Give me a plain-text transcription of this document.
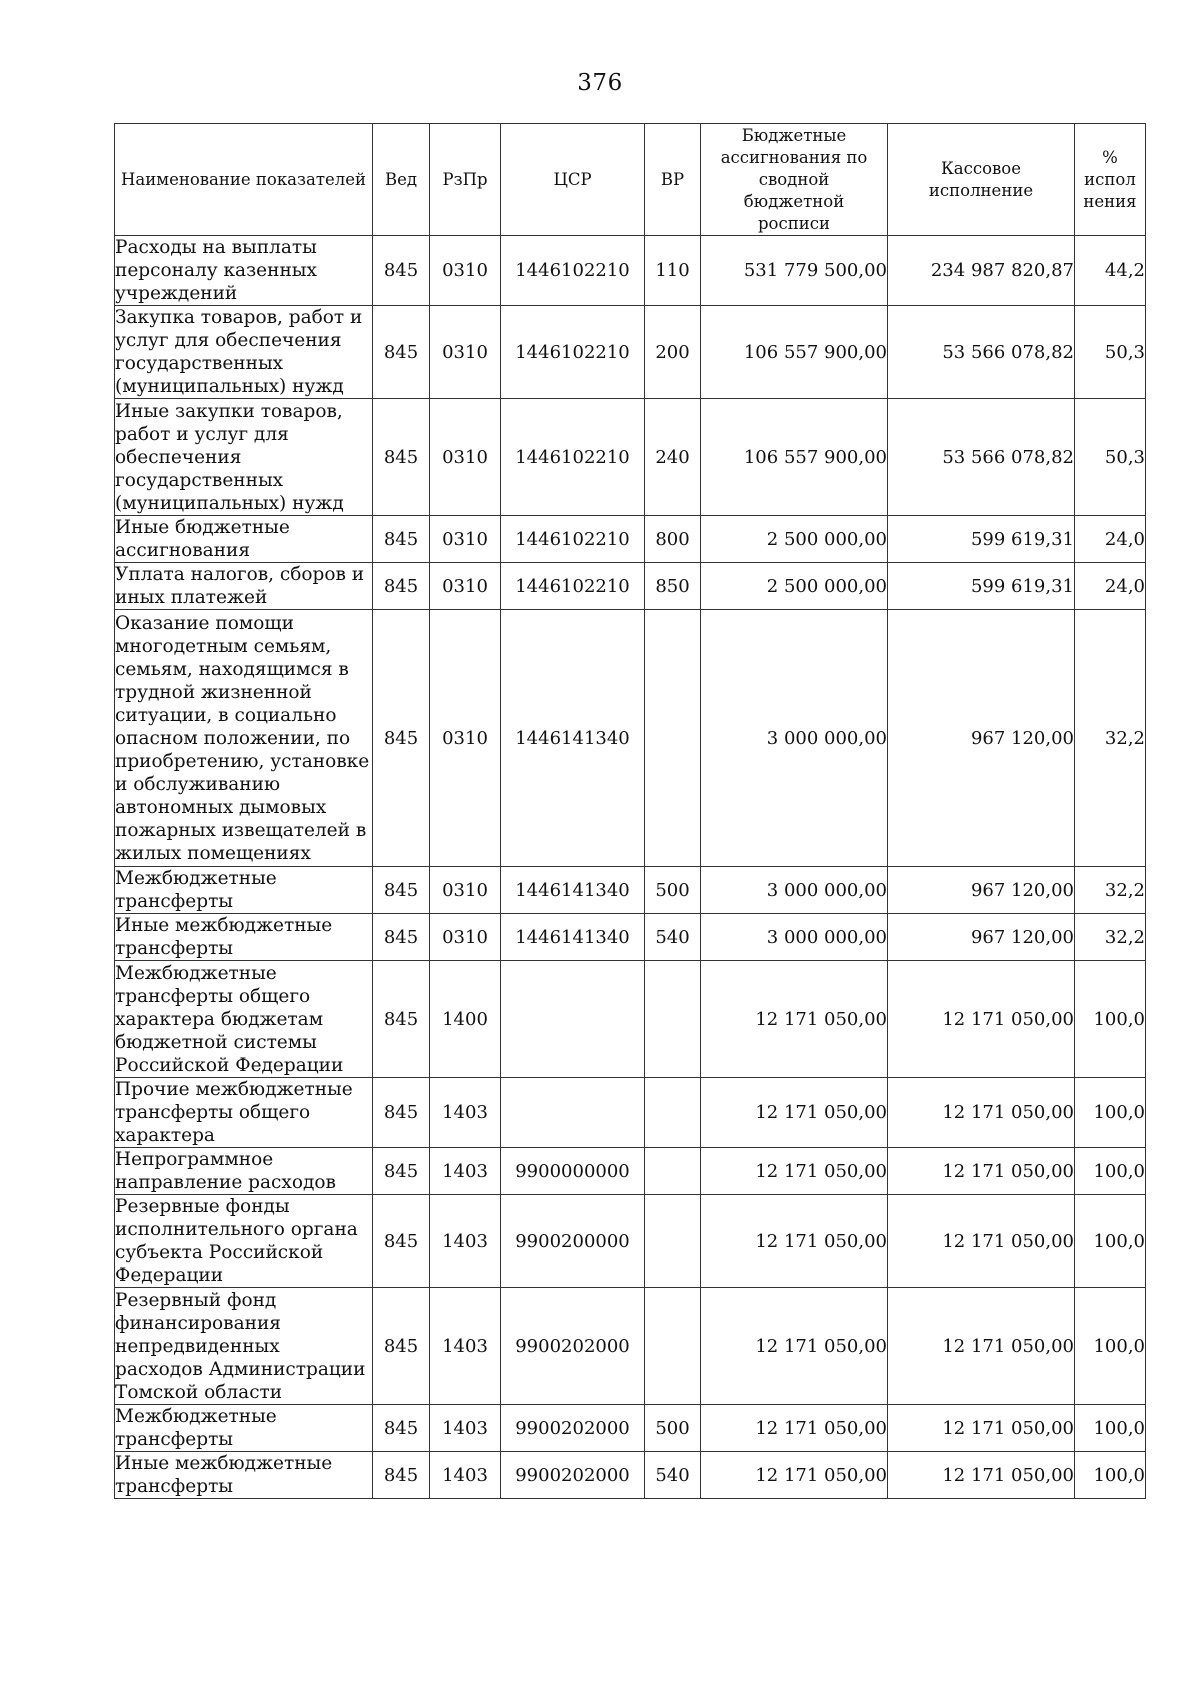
376
Наименование показателей	Вед	РзПр	ЦСР	ВР	Бюджетные ассигнования по сводной бюджетной росписи	Кассовое исполнение	% испол нения
Расходы на выплаты персоналу казенных учреждений	845	0310	1446102210	110	531 779 500,00	234 987 820,87	44,2
Закупка товаров, работ и услуг для обеспечения государственных (муниципальных) нужд	845	0310	1446102210	200	106 557 900,00	53 566 078,82	50,3
Иные закупки товаров, работ и услуг для обеспечения государственных (муниципальных) нужд	845	0310	1446102210	240	106 557 900,00	53 566 078,82	50,3
Иные бюджетные ассигнования	845	0310	1446102210	800	2 500 000,00	599 619,31	24,0
Уплата налогов, сборов и иных платежей	845	0310	1446102210	850	2 500 000,00	599 619,31	24,0
Оказание помощи многодетным семьям, семьям, находящимся в трудной жизненной ситуации, в социально опасном положении, по приобретению, установке и обслуживанию автономных дымовых пожарных извещателей в жилых помещениях	845	0310	1446141340		3 000 000,00	967 120,00	32,2
Межбюджетные трансферты	845	0310	1446141340	500	3 000 000,00	967 120,00	32,2
Иные межбюджетные трансферты	845	0310	1446141340	540	3 000 000,00	967 120,00	32,2
Межбюджетные трансферты общего характера бюджетам бюджетной системы Российской Федерации	845	1400			12 171 050,00	12 171 050,00	100,0
Прочие межбюджетные трансферты общего характера	845	1403			12 171 050,00	12 171 050,00	100,0
Непрограммное направление расходов	845	1403	9900000000		12 171 050,00	12 171 050,00	100,0
Резервные фонды исполнительного органа субъекта Российской Федерации	845	1403	9900200000		12 171 050,00	12 171 050,00	100,0
Резервный фонд финансирования непредвиденных расходов Администрации Томской области	845	1403	9900202000		12 171 050,00	12 171 050,00	100,0
Межбюджетные трансферты	845	1403	9900202000	500	12 171 050,00	12 171 050,00	100,0
Иные межбюджетные трансферты	845	1403	9900202000	540	12 171 050,00	12 171 050,00	100,0
